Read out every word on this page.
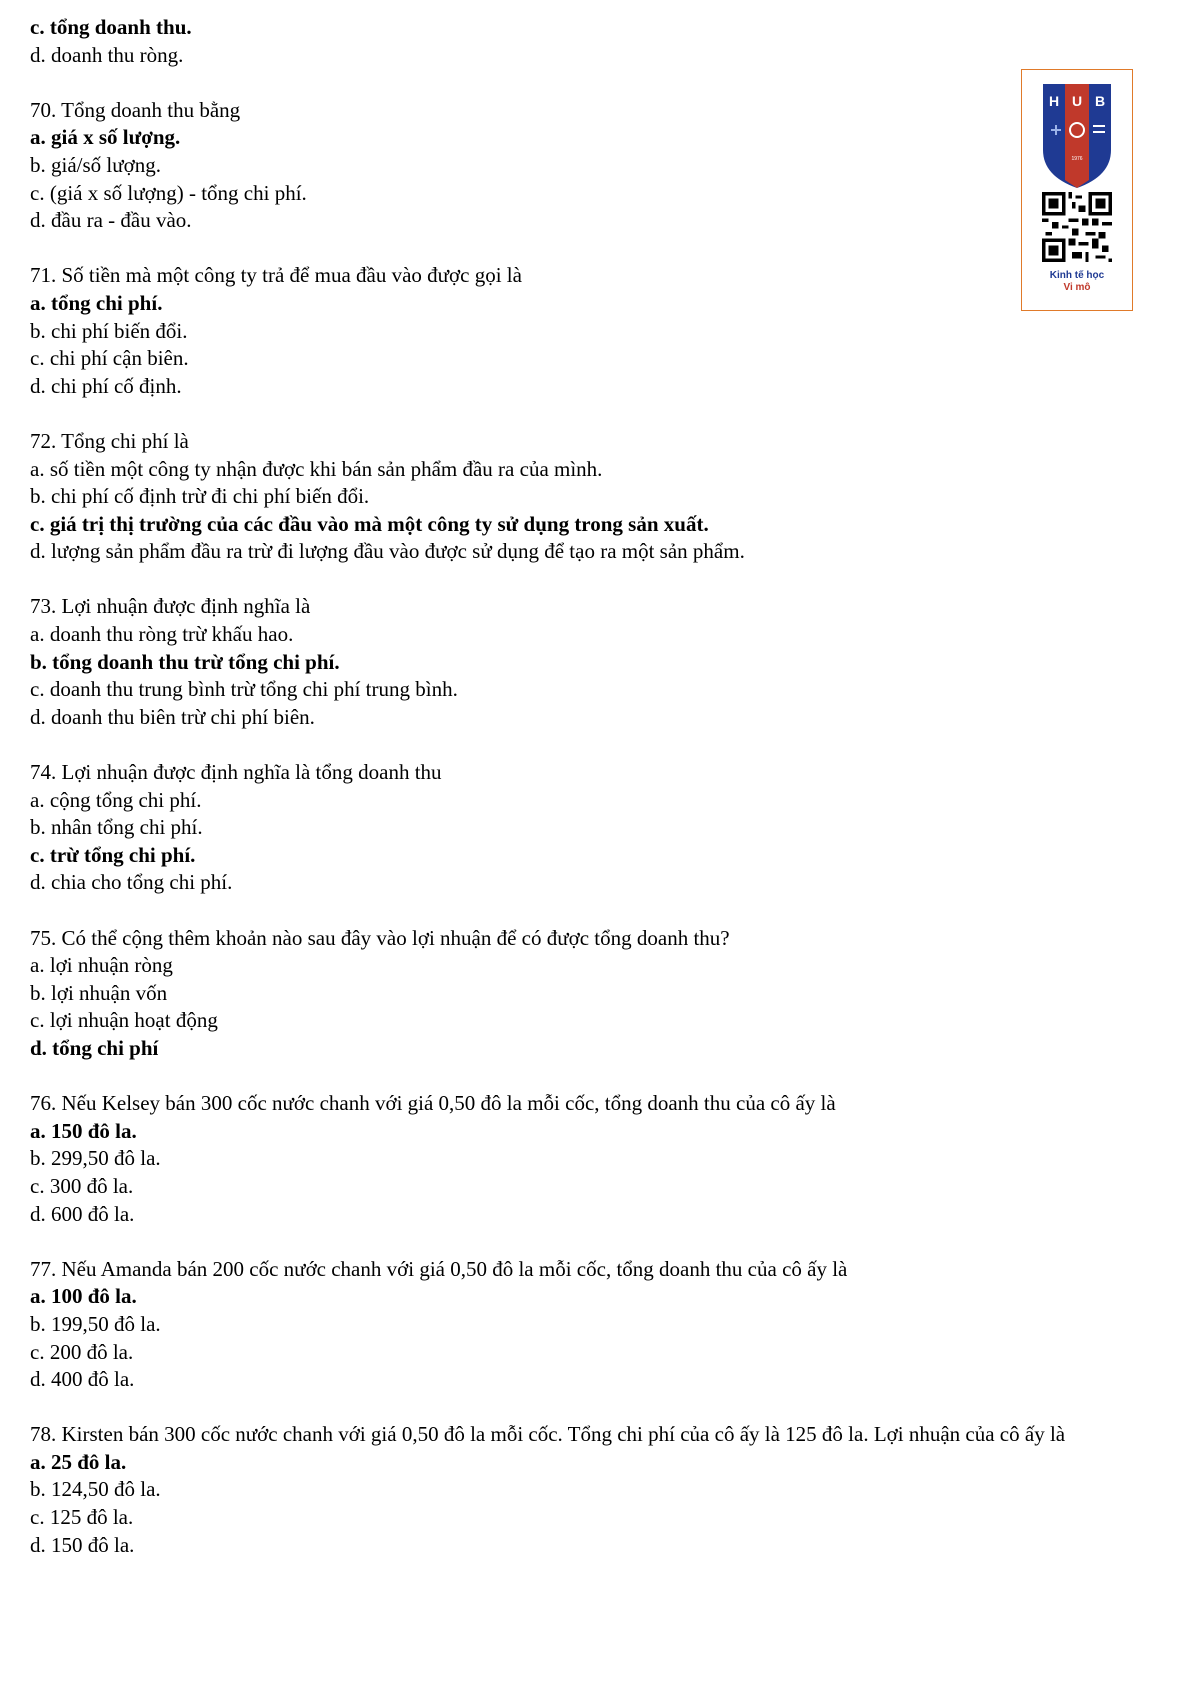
c. tổng doanh thu.
d. doanh thu ròng.
70. Tổng doanh thu bằng
a. giá x số lượng.
b. giá/số lượng.
c. (giá x số lượng) - tổng chi phí.
d. đầu ra - đầu vào.
71. Số tiền mà một công ty trả để mua đầu vào được gọi là
a. tổng chi phí.
b. chi phí biến đổi.
c. chi phí cận biên.
d. chi phí cố định.
72. Tổng chi phí là
a. số tiền một công ty nhận được khi bán sản phẩm đầu ra của mình.
b. chi phí cố định trừ đi chi phí biến đổi.
c. giá trị thị trường của các đầu vào mà một công ty sử dụng trong sản xuất.
d. lượng sản phẩm đầu ra trừ đi lượng đầu vào được sử dụng để tạo ra một sản phẩm.
73. Lợi nhuận được định nghĩa là
a. doanh thu ròng trừ khấu hao.
b. tổng doanh thu trừ tổng chi phí.
c. doanh thu trung bình trừ tổng chi phí trung bình.
d. doanh thu biên trừ chi phí biên.
74. Lợi nhuận được định nghĩa là tổng doanh thu
a. cộng tổng chi phí.
b. nhân tổng chi phí.
c. trừ tổng chi phí.
d. chia cho tổng chi phí.
75. Có thể cộng thêm khoản nào sau đây vào lợi nhuận để có được tổng doanh thu?
a. lợi nhuận ròng
b. lợi nhuận vốn
c. lợi nhuận hoạt động
d. tổng chi phí
76. Nếu Kelsey bán 300 cốc nước chanh với giá 0,50 đô la mỗi cốc, tổng doanh thu của cô ấy là
a. 150 đô la.
b. 299,50 đô la.
c. 300 đô la.
d. 600 đô la.
77. Nếu Amanda bán 200 cốc nước chanh với giá 0,50 đô la mỗi cốc, tổng doanh thu của cô ấy là
a. 100 đô la.
b. 199,50 đô la.
c. 200 đô la.
d. 400 đô la.
78. Kirsten bán 300 cốc nước chanh với giá 0,50 đô la mỗi cốc. Tổng chi phí của cô ấy là 125 đô la. Lợi nhuận của cô ấy là
a. 25 đô la.
b. 124,50 đô la.
c. 125 đô la.
d. 150 đô la.
H U B
1976
Kinh tế học
Vi mô
